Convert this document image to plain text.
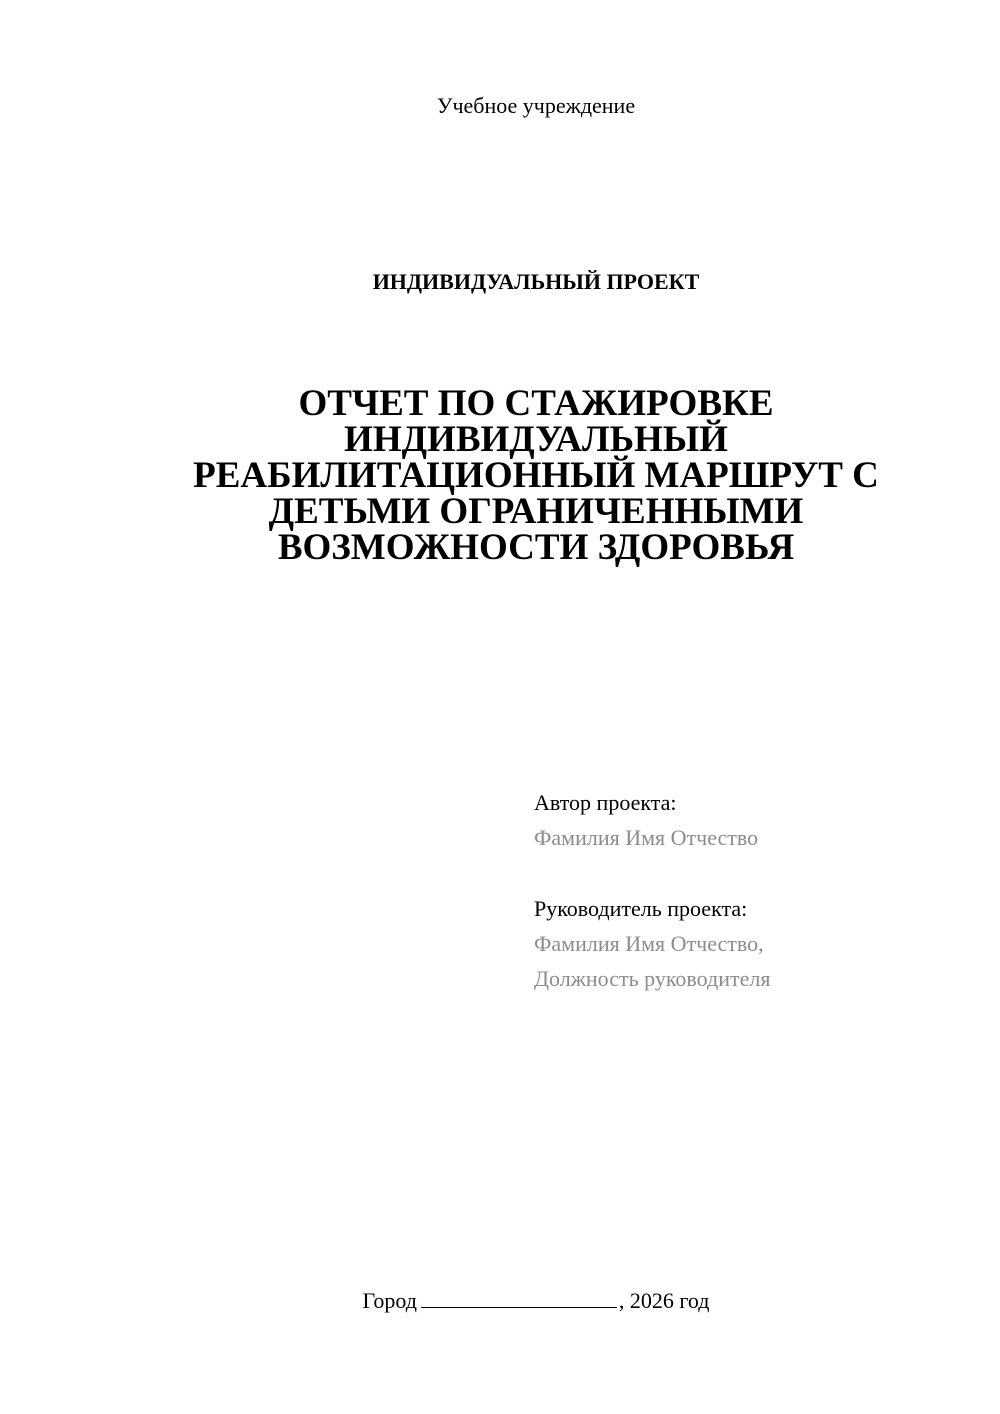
Учебное учреждение
ИНДИВИДУАЛЬНЫЙ ПРОЕКТ
ОТЧЕТ ПО СТАЖИРОВКЕ
ИНДИВИДУАЛЬНЫЙ
РЕАБИЛИТАЦИОННЫЙ МАРШРУТ С
ДЕТЬМИ ОГРАНИЧЕННЫМИ
ВОЗМОЖНОСТИ ЗДОРОВЬЯ
Автор проекта:
Фамилия Имя Отчество
Руководитель проекта:
Фамилия Имя Отчество,
Должность руководителя
Город	, 2026 год
